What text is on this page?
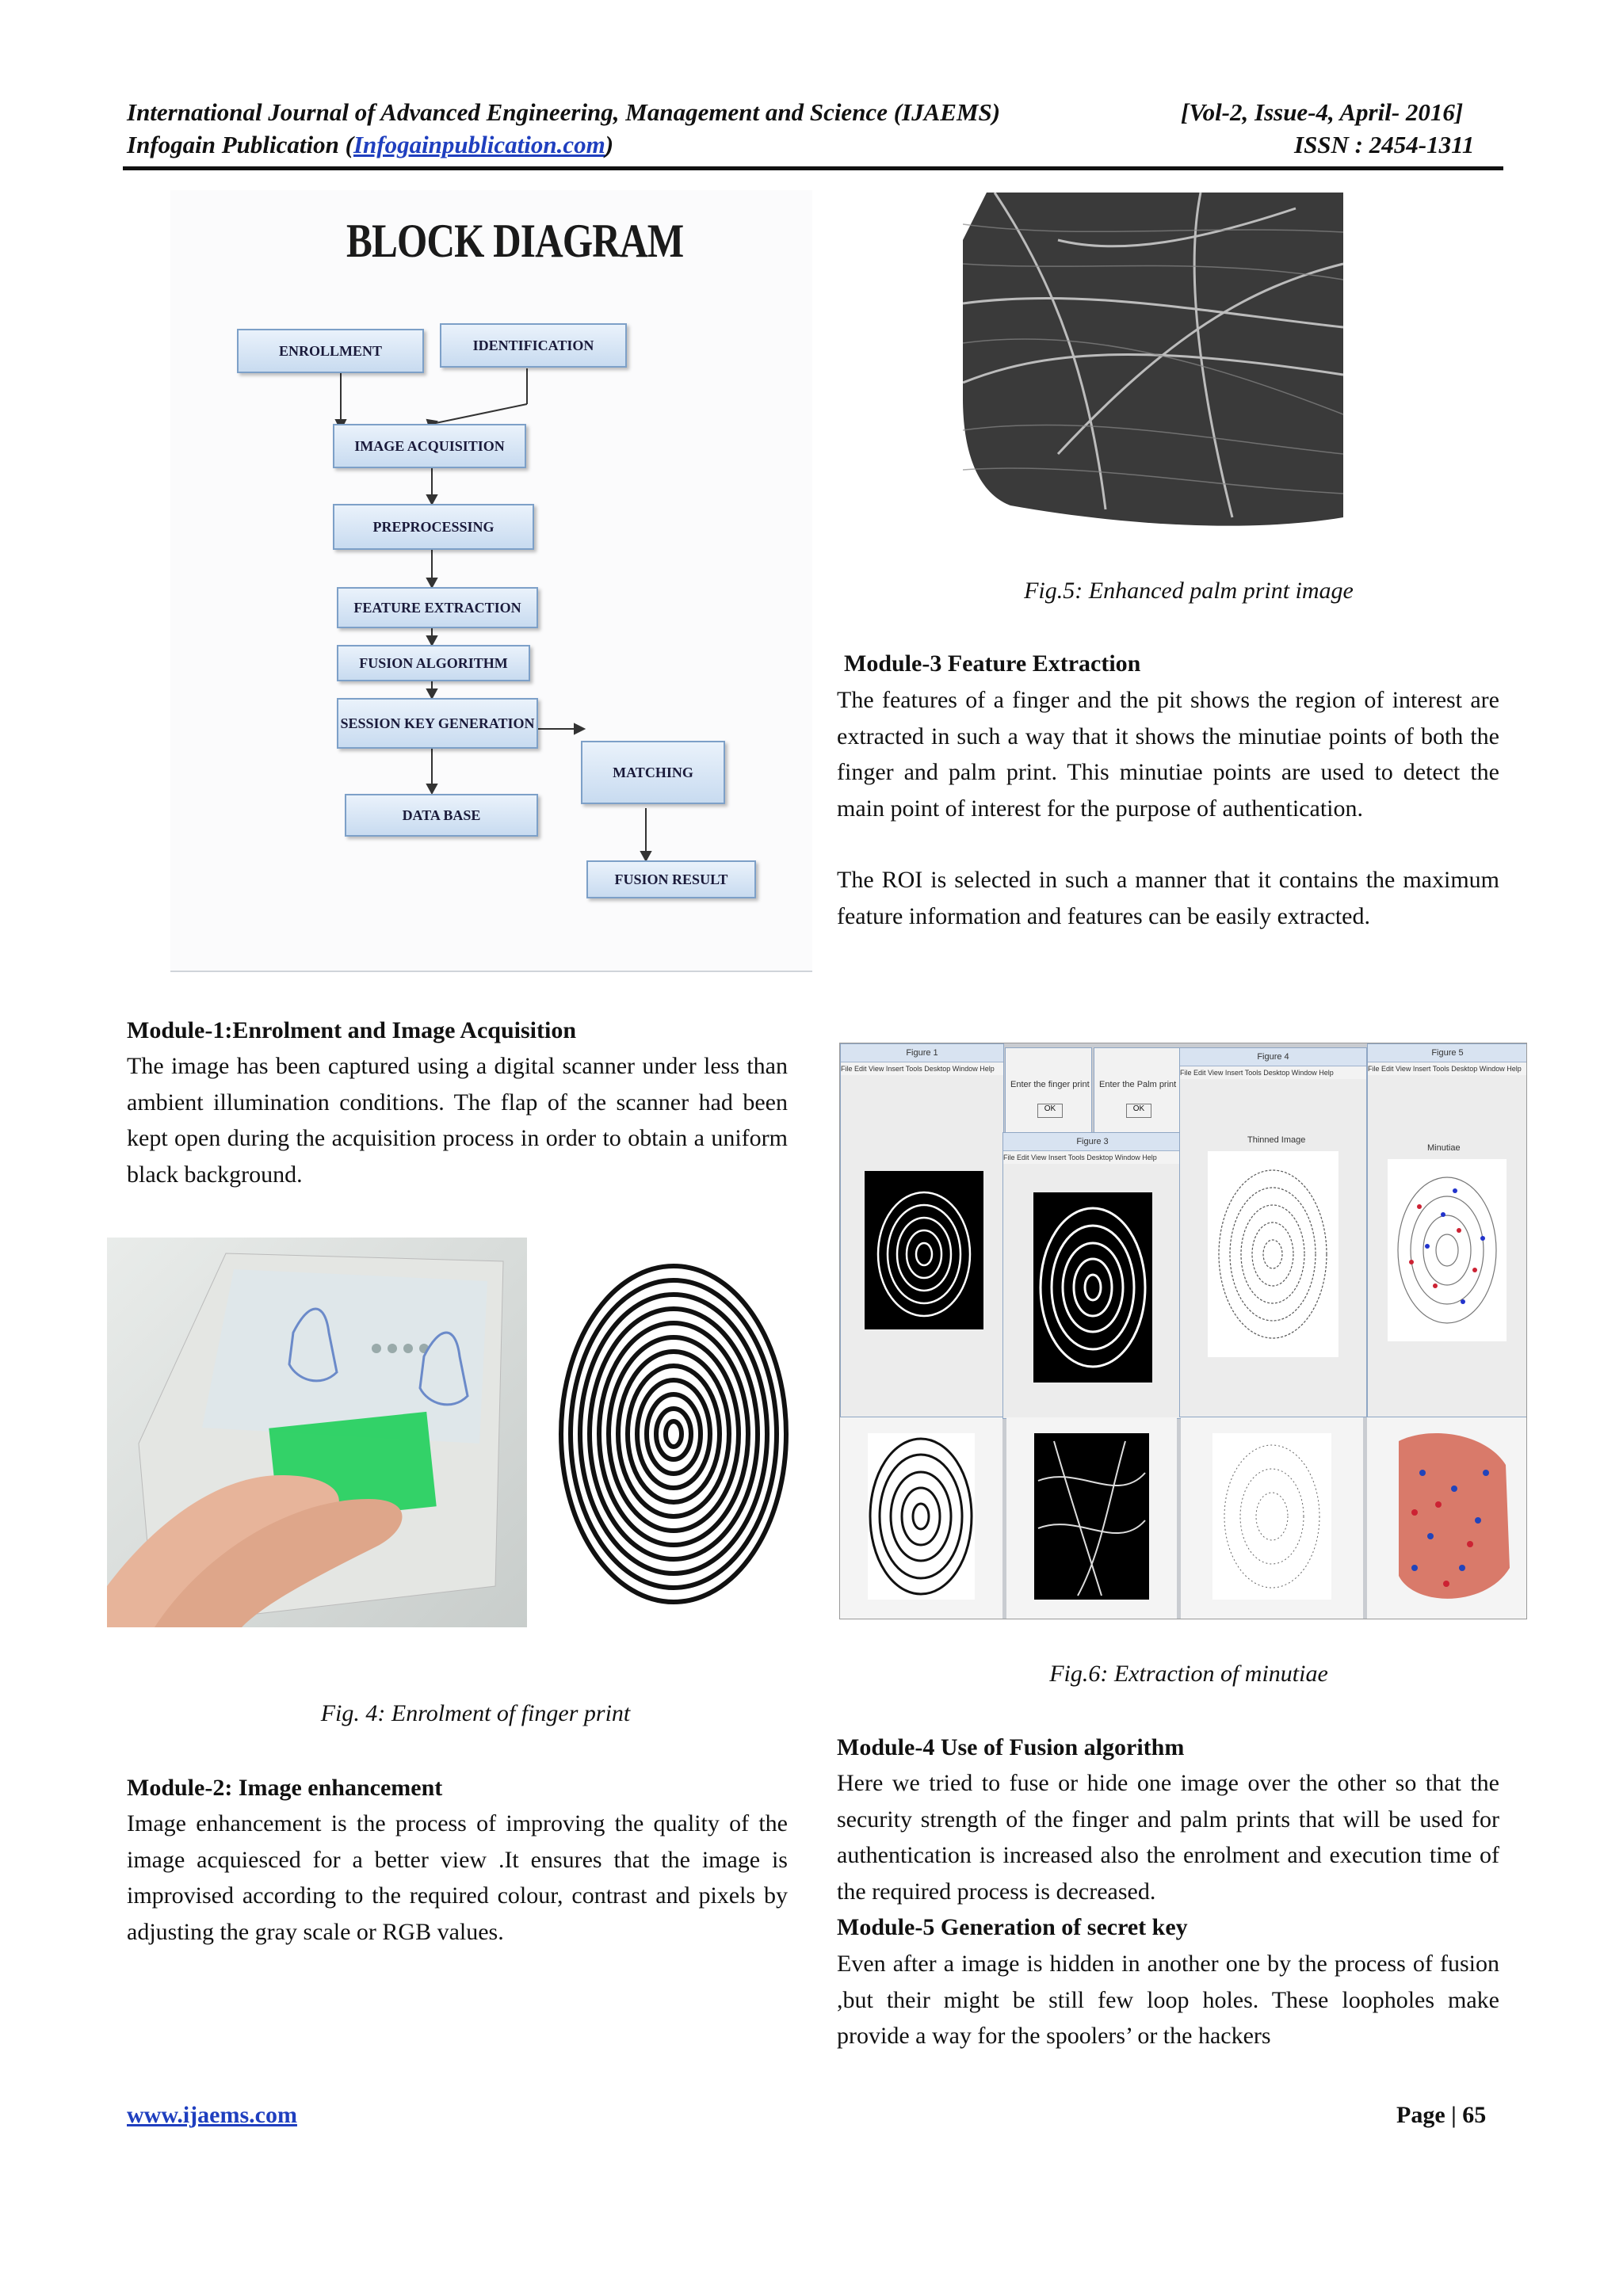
International Journal of Advanced Engineering, Management and Science (IJAEMS)	[Vol-2, Issue-4, April- 2016]
Infogain Publication (Infogainpublication.com)	ISSN : 2454-1311
BLOCK DIAGRAM
ENROLLMENT	IDENTIFICATION
IMAGE ACQUISITION
PREPROCESSING
FEATURE EXTRACTION
FUSION ALGORITHM
SESSION KEY GENERATION
MATCHING
DATA BASE
FUSION RESULT
Module-1:Enrolment and Image Acquisition
The image has been captured using a digital scanner under less than ambient illumination conditions. The flap of the scanner had been kept open during the acquisition process in order to obtain a uniform black background.
Fig. 4: Enrolment of finger print
Module-2: Image enhancement
Image enhancement is the process of improving the quality of the image acquiesced for a better view .It ensures that the image is improvised according to the required colour, contrast and pixels by adjusting the gray scale or RGB values.
Fig.5: Enhanced palm print image
Module-3 Feature Extraction
The features of a finger and the pit shows the region of interest are extracted in such a way that it shows the minutiae points of both the finger and palm print. This minutiae points are used to detect the main point of interest for the purpose of authentication.
The ROI is selected in such a manner that it contains the maximum feature information and features can be easily extracted.
Figure 1
File Edit View Insert Tools Desktop Window Help
Enter the finger print
OK
Enter the Palm print
OK
Figure 3
File Edit View Insert Tools Desktop Window Help
Figure 4
File Edit View Insert Tools Desktop Window Help
Thinned Image
Figure 5
File Edit View Insert Tools Desktop Window Help
Minutiae
Fig.6: Extraction of minutiae
Module-4 Use of Fusion algorithm
Here we tried to fuse or hide one image over the other so that the security strength of the finger and palm prints that will be used for authentication is increased also the enrolment and execution time of the required process is decreased.
Module-5 Generation of secret key
Even after a image is hidden in another one by the process of fusion ,but their might be still few loop holes. These loopholes make provide a way for the spoolers’ or the hackers
www.ijaems.com	Page | 65
